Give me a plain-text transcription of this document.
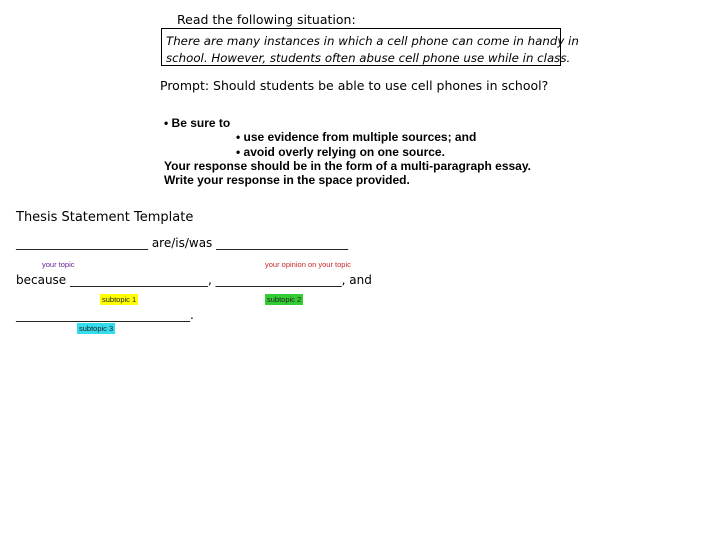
Read the following situation:
There are many instances in which a cell phone can come in handy in
school. However, students often abuse cell phone use while in class.
Prompt: Should students be able to use cell phones in school?
• Be sure to
• use evidence from multiple sources; and
• avoid overly relying on one source.
Your response should be in the form of a multi-paragraph essay.
Write your response in the space provided.
Thesis Statement Template
______________________ are/is/was ______________________
your topic	your opinion on your topic
because _______________________, _____________________, and
subtopic 1	subtopic 2
_____________________________.
subtopic 3
